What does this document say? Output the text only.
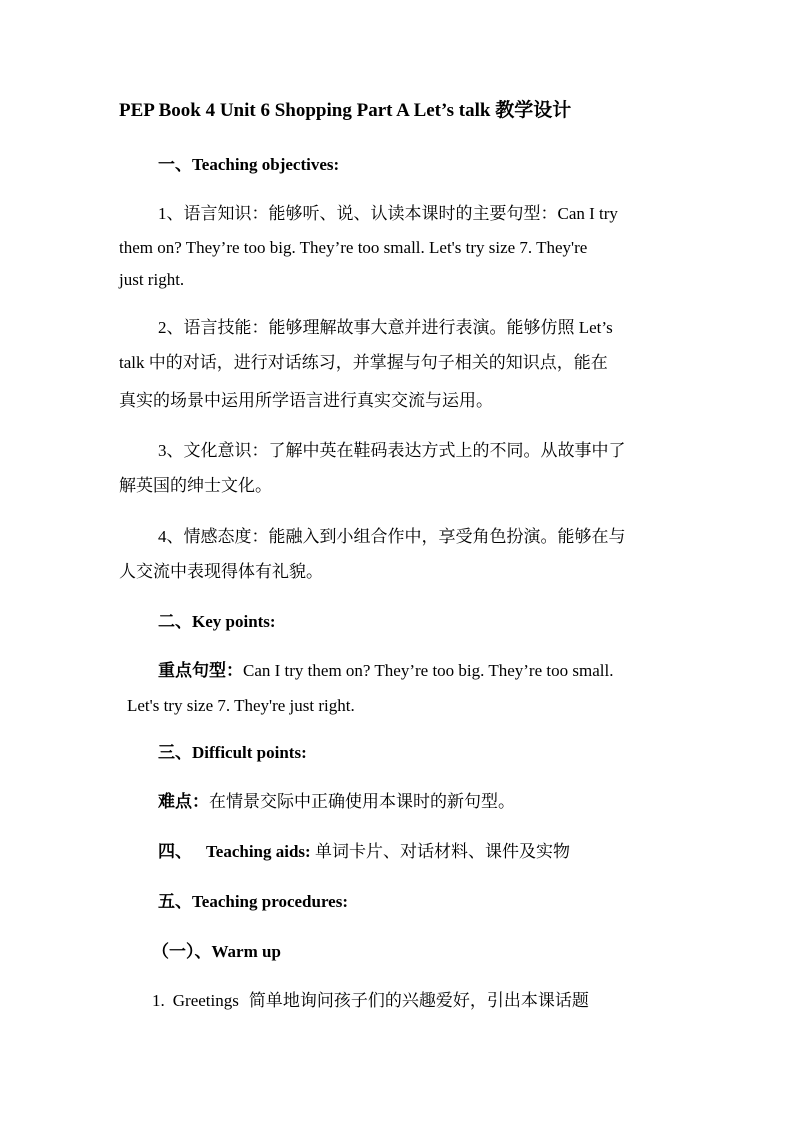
PEP Book 4 Unit 6 Shopping Part A Let’s talk 教学设计
一、Teaching objectives:
1、语言知识：能够听、说、认读本课时的主要句型：Can I try
them on? They’re too big. They’re too small. Let's try size 7. They're
just right.
2、语言技能：能够理解故事大意并进行表演。能够仿照 Let’s
talk 中的对话，进行对话练习，并掌握与句子相关的知识点，能在
真实的场景中运用所学语言进行真实交流与运用。
3、文化意识：了解中英在鞋码表达方式上的不同。从故事中了
解英国的绅士文化。
4、情感态度：能融入到小组合作中，享受角色扮演。能够在与
人交流中表现得体有礼貌。
二、Key points:
重点句型：Can I try them on? They’re too big. They’re too small.
Let's try size 7. They're just right.
三、Difficult points:
难点：在情景交际中正确使用本课时的新句型。
四、 Teaching aids: 单词卡片、对话材料、课件及实物
五、Teaching procedures:
（一）、Warm up
1. Greetings 简单地询问孩子们的兴趣爱好，引出本课话题
